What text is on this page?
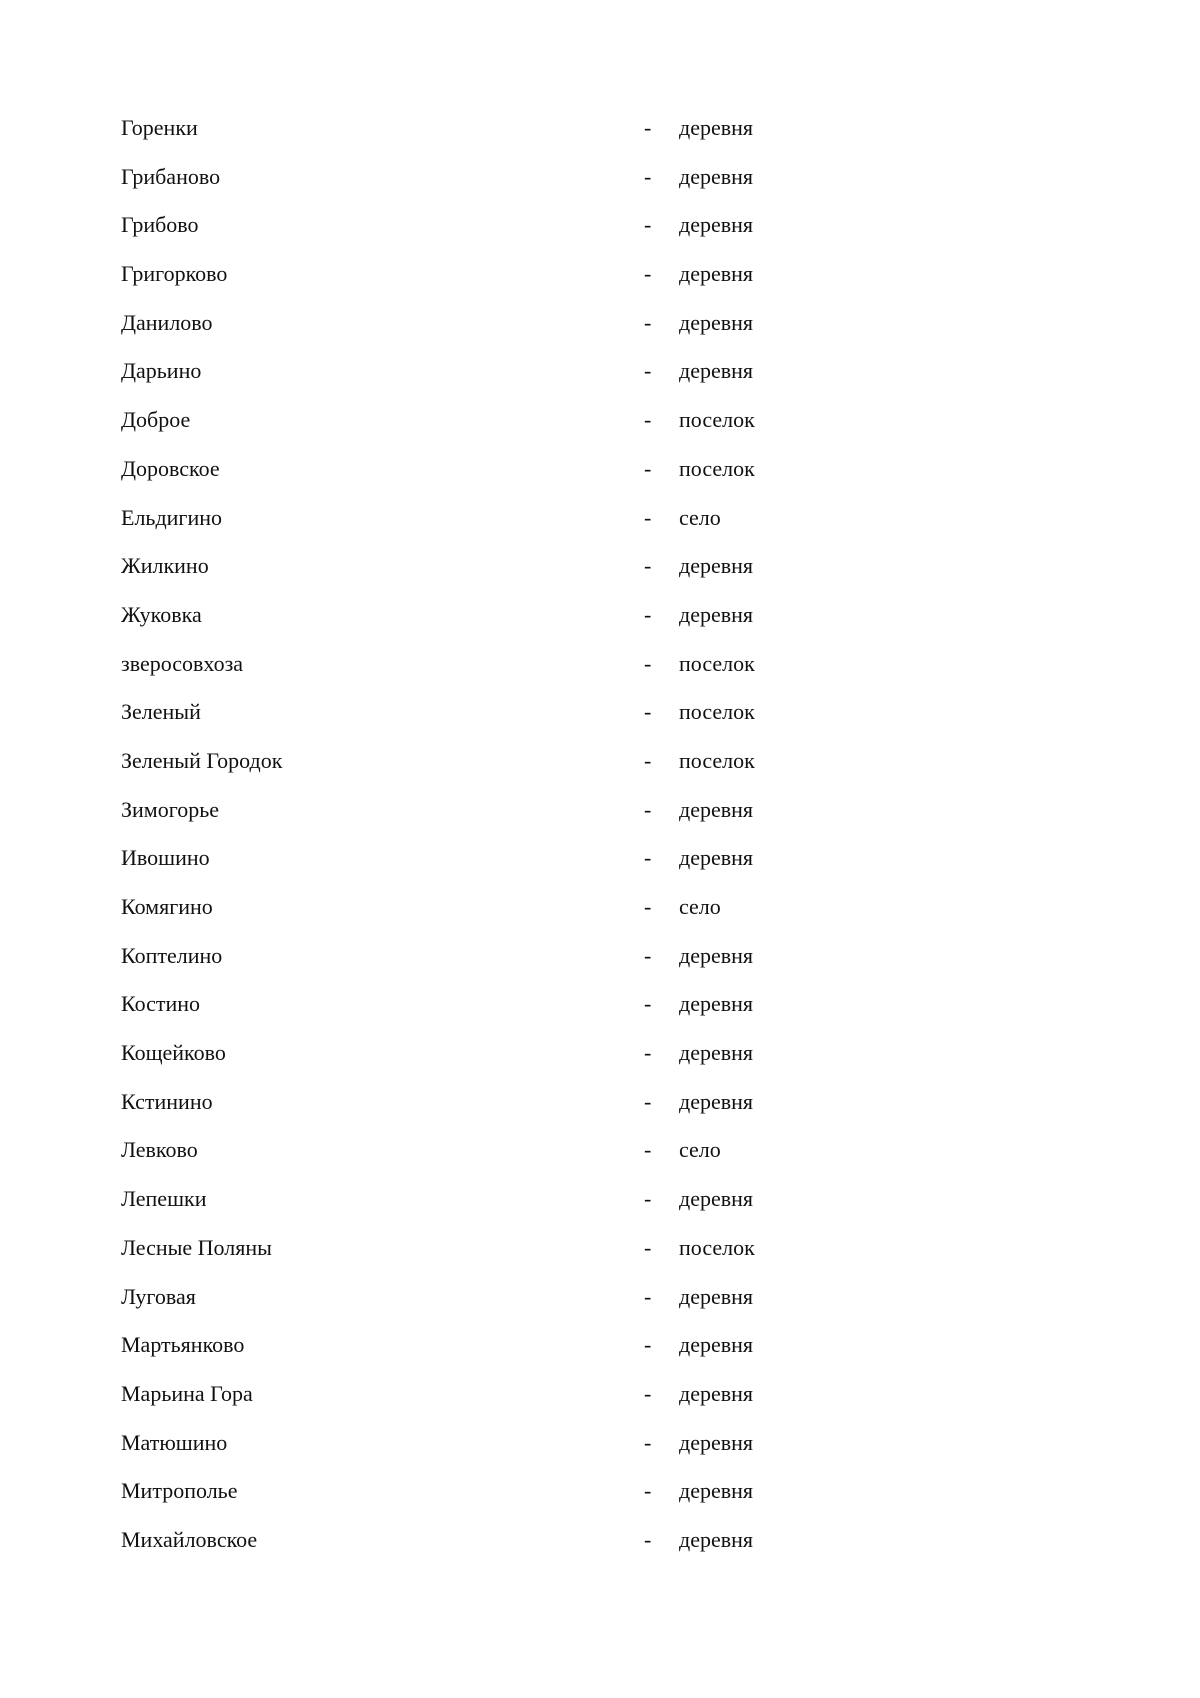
Горенки	- деревня
Грибаново	- деревня
Грибово	- деревня
Григорково	- деревня
Данилово	- деревня
Дарьино	- деревня
Доброе	- поселок
Доровское	- поселок
Ельдигино	- село
Жилкино	- деревня
Жуковка	- деревня
зверосовхоза	- поселок
Зеленый	- поселок
Зеленый Городок	- поселок
Зимогорье	- деревня
Ивошино	- деревня
Комягино	- село
Коптелино	- деревня
Костино	- деревня
Кощейково	- деревня
Кстинино	- деревня
Левково	- село
Лепешки	- деревня
Лесные Поляны	- поселок
Луговая	- деревня
Мартьянково	- деревня
Марьина Гора	- деревня
Матюшино	- деревня
Митрополье	- деревня
Михайловское	- деревня
